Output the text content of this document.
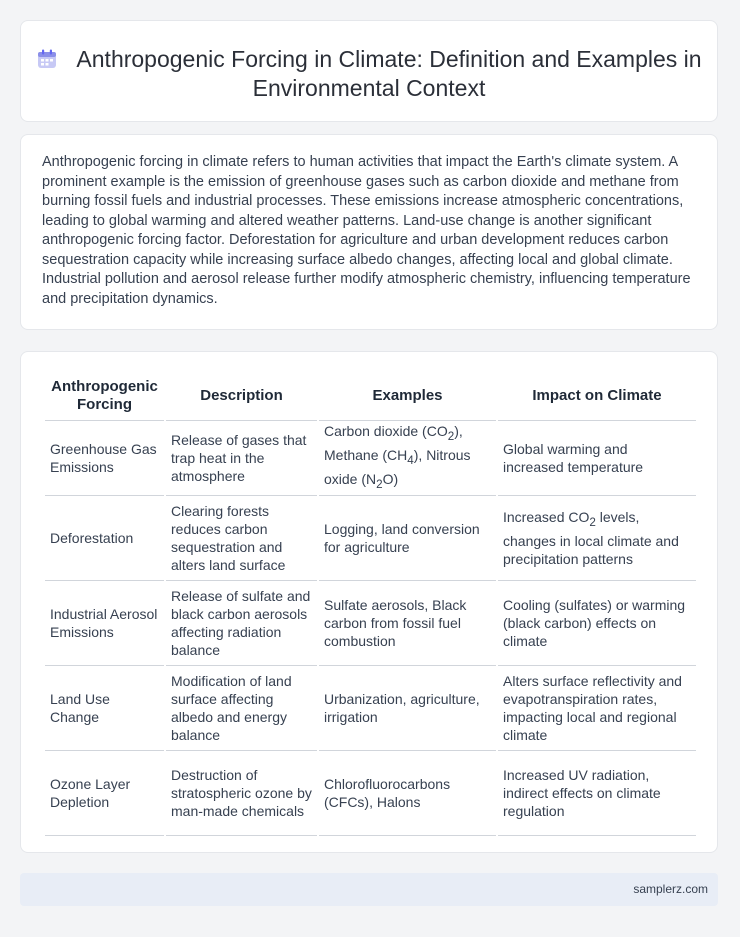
Anthropogenic Forcing in Climate: Definition and Examples in Environmental Context

Anthropogenic forcing in climate refers to human activities that impact the Earth's climate system. A prominent example is the emission of greenhouse gases such as carbon dioxide and methane from burning fossil fuels and industrial processes. These emissions increase atmospheric concentrations, leading to global warming and altered weather patterns. Land-use change is another significant anthropogenic forcing factor. Deforestation for agriculture and urban development reduces carbon sequestration capacity while increasing surface albedo changes, affecting local and global climate. Industrial pollution and aerosol release further modify atmospheric chemistry, influencing temperature and precipitation dynamics.

Anthropogenic Forcing	Description	Examples	Impact on Climate
Greenhouse Gas Emissions	Release of gases that trap heat in the atmosphere	Carbon dioxide $(CO_2)$, Methane $(CH_4)$, Nitrous oxide $(N_2O)$	Global warming and increased temperature
Deforestation	Clearing forests reduces carbon sequestration and alters land surface	Logging, land conversion for agriculture	Increased $CO_2$ levels, changes in local climate and precipitation patterns
Industrial Aerosol Emissions	Release of sulfate and black carbon aerosols affecting radiation balance	Sulfate aerosols, Black carbon from fossil fuel combustion	Cooling (sulfates) or warming (black carbon) effects on climate
Land Use Change	Modification of land surface affecting albedo and energy balance	Urbanization, agriculture, irrigation	Alters surface reflectivity and evapotranspiration rates, impacting local and regional climate
Ozone Layer Depletion	Destruction of stratospheric ozone by man-made chemicals	Chlorofluorocarbons (CFCs), Halons	Increased UV radiation, indirect effects on climate regulation
samplerz.com
